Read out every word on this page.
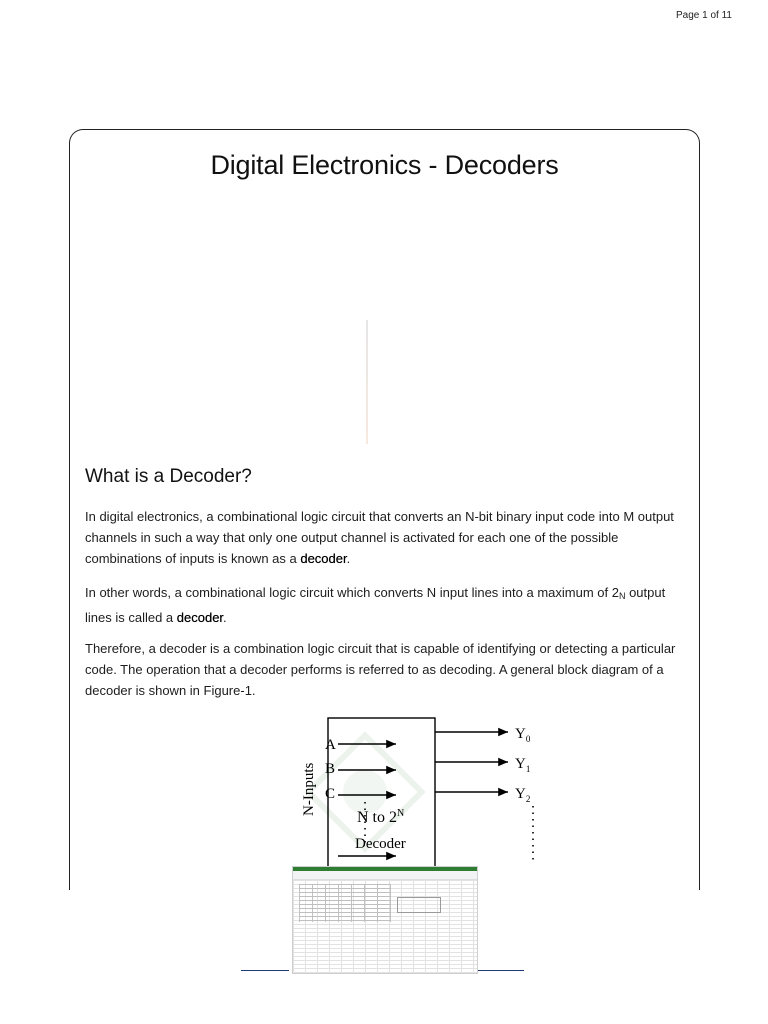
Page 1 of 11
Digital Electronics - Decoders
What is a Decoder?

In digital electronics, a combinational logic circuit that converts an N-bit binary input code into M output channels in such a way that only one output channel is activated for each one of the possible combinations of inputs is known as a decoder.

In other words, a combinational logic circuit which converts N input lines into a maximum of $2_N$ output lines is called a decoder.

Therefore, a decoder is a combination logic circuit that is capable of identifying or detecting a particular code. The operation that a decoder performs is referred to as decoding. A general block diagram of a decoder is shown in Figure-1.

N to $2^N$
Decoder
N-Inputs
A
B
C
$Y_0$
$Y_1$
$Y_2$
